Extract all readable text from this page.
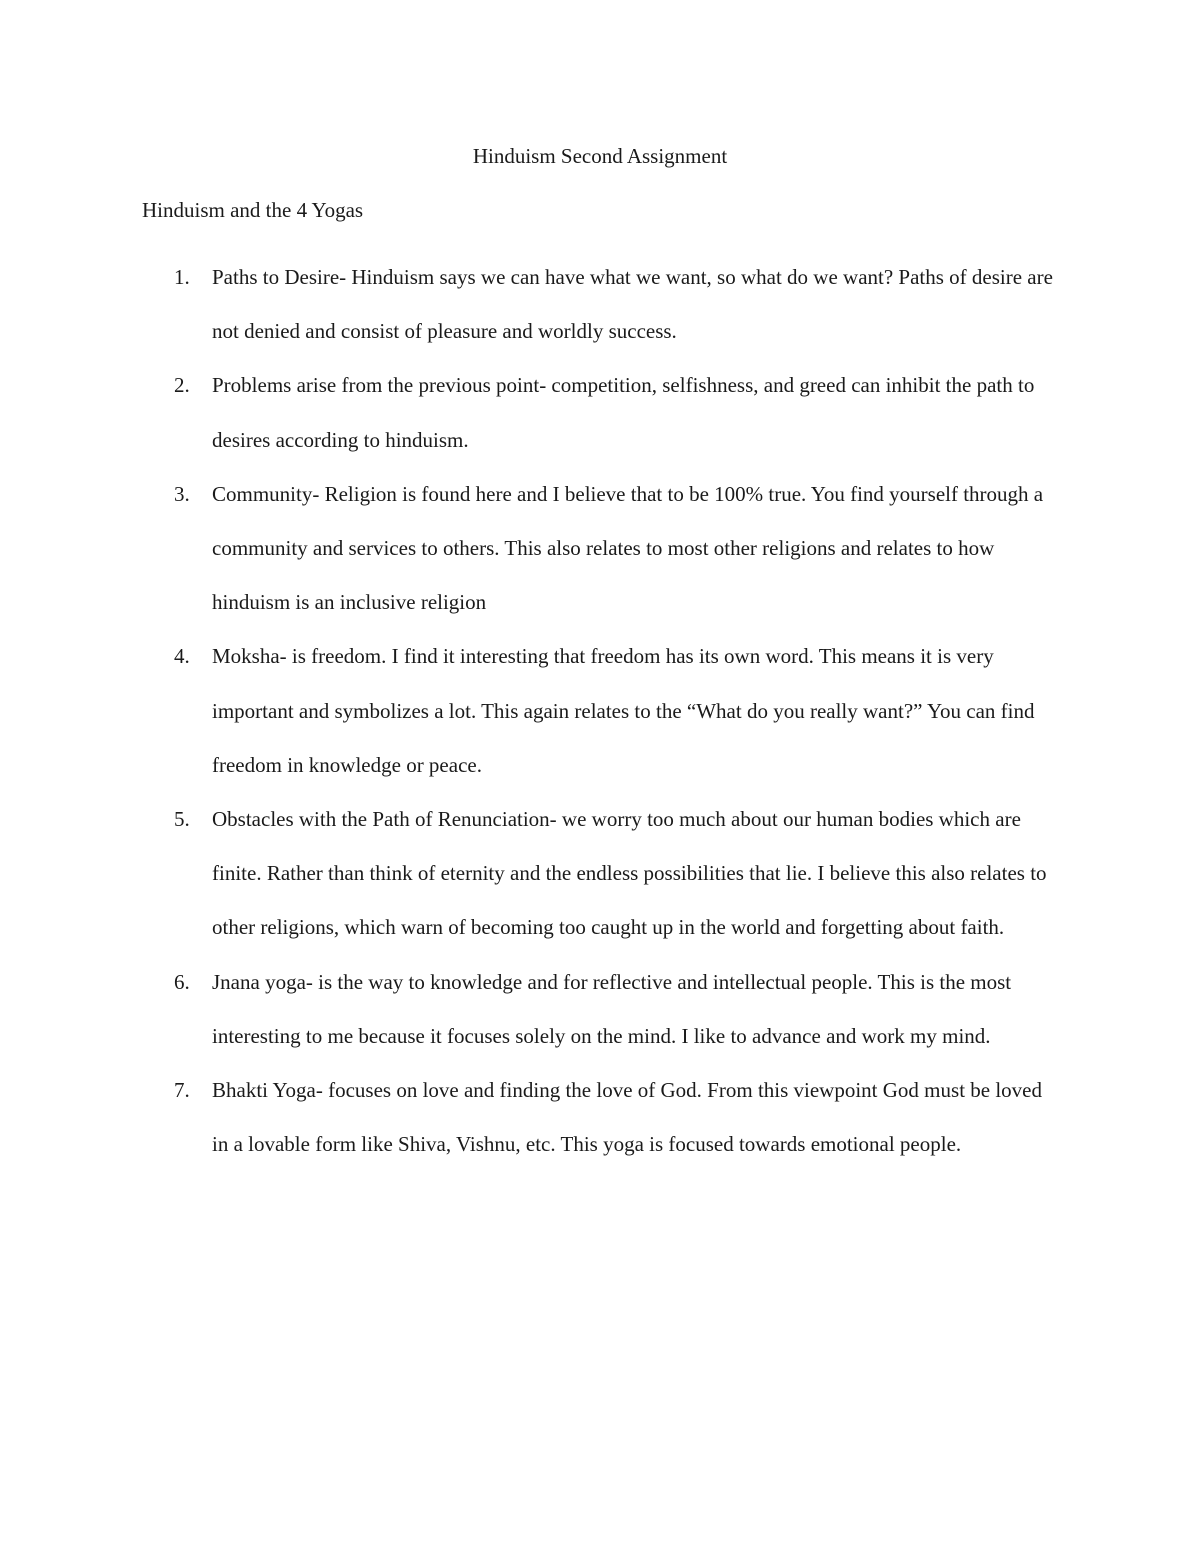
Hinduism Second Assignment
Hinduism and the 4 Yogas
1. Paths to Desire- Hinduism says we can have what we want, so what do we want? Paths of desire are not denied and consist of pleasure and worldly success.
2. Problems arise from the previous point- competition, selfishness, and greed can inhibit the path to desires according to hinduism.
3. Community- Religion is found here and I believe that to be 100% true. You find yourself through a community and services to others. This also relates to most other religions and relates to how hinduism is an inclusive religion
4. Moksha- is freedom. I find it interesting that freedom has its own word. This means it is very important and symbolizes a lot. This again relates to the “What do you really want?” You can find freedom in knowledge or peace.
5. Obstacles with the Path of Renunciation- we worry too much about our human bodies which are finite. Rather than think of eternity and the endless possibilities that lie. I believe this also relates to other religions, which warn of becoming too caught up in the world and forgetting about faith.
6. Jnana yoga- is the way to knowledge and for reflective and intellectual people. This is the most interesting to me because it focuses solely on the mind. I like to advance and work my mind.
7. Bhakti Yoga- focuses on love and finding the love of God. From this viewpoint God must be loved in a lovable form like Shiva, Vishnu, etc. This yoga is focused towards emotional people.
